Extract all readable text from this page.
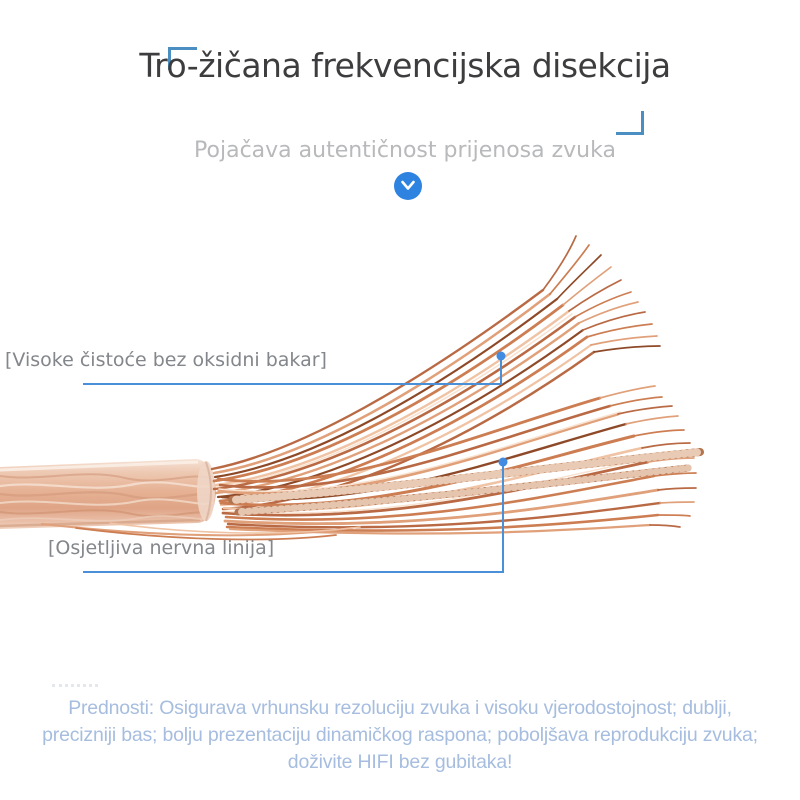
Tro-žičana frekvencijska disekcija
Pojačava autentičnost prijenosa zvuka
[Visoke čistoće bez oksidni bakar]
[Osjetljiva nervna linija]
Prednosti: Osigurava vrhunsku rezoluciju zvuka i visoku vjerodostojnost; dublji, precizniji bas; bolju prezentaciju dinamičkog raspona; poboljšava reprodukciju zvuka; doživite HIFI bez gubitaka!
